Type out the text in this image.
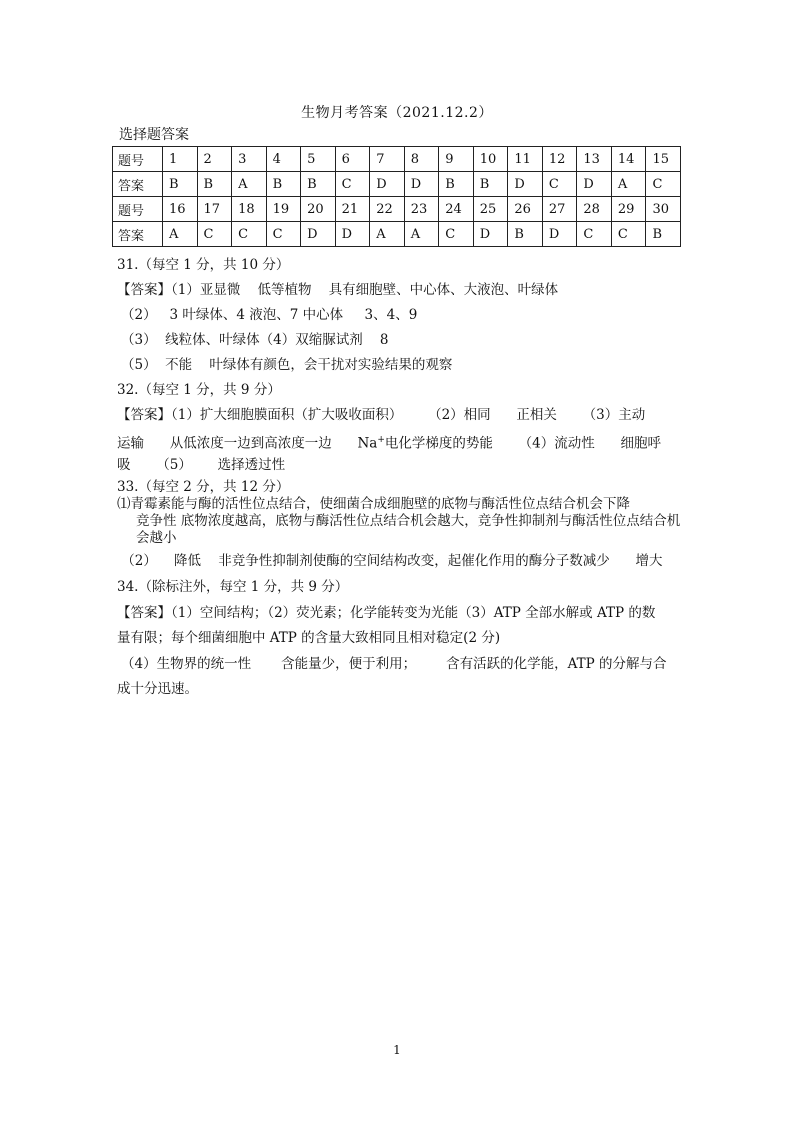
生物月考答案（2021.12.2）
选择题答案
题号	1	2	3	4	5	6	7	8	9	10	11	12	13	14	15
答案	B	B	A	B	B	C	D	D	B	B	D	C	D	A	C
题号	16	17	18	19	20	21	22	23	24	25	26	27	28	29	30
答案	A	C	C	C	D	D	A	A	C	D	B	D	C	C	B
31.（每空 1 分，共 10 分）
【答案】（1）亚显微    低等植物    具有细胞壁、中心体、大液泡、叶绿体
（2）   3 叶绿体、4 液泡、7 中心体     3、4、9
（3）  线粒体、叶绿体（4）双缩脲试剂    8
（5）  不能    叶绿体有颜色，会干扰对实验结果的观察
32.（每空 1 分，共 9 分）
【答案】（1）扩大细胞膜面积（扩大吸收面积）      （2）相同      正相关      （3）主动
运输      从低浓度一边到高浓度一边      Na+电化学梯度的势能      （4）流动性      细胞呼
吸      （5）      选择透过性
33.（每空 2 分，共 12 分）
⑴青霉素能与酶的活性位点结合，使细菌合成细胞壁的底物与酶活性位点结合机会下降
竞争性 底物浓度越高，底物与酶活性位点结合机会越大，竞争性抑制剂与酶活性位点结合机会越小
（2）    降低    非竞争性抑制剂使酶的空间结构改变，起催化作用的酶分子数减少      增大
34.（除标注外，每空 1 分，共 9 分）
【答案】（1）空间结构；（2）荧光素；化学能转变为光能（3）ATP 全部水解或 ATP 的数
量有限；每个细菌细胞中 ATP 的含量大致相同且相对稳定(2 分)
（4）生物界的统一性       含能量少，便于利用；       含有活跃的化学能，ATP 的分解与合
成十分迅速。
1
